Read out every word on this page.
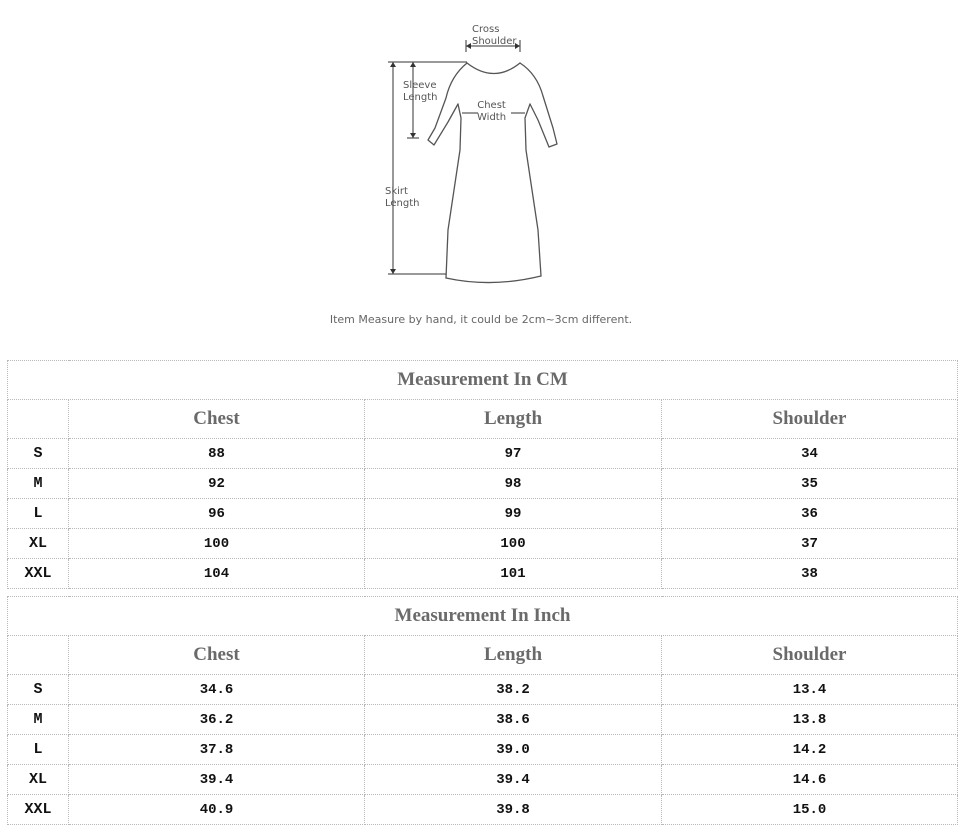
Cross
Shoulder
Sleeve
Length
Chest
Width
Skirt
Length
Item Measure by hand, it could be 2cm~3cm different.
Measurement In CM			
	Chest	Length	Shoulder
S	88	97	34
M	92	98	35
L	96	99	36
XL	100	100	37
XXL	104	101	38
Measurement In Inch			
	Chest	Length	Shoulder
S	34.6	38.2	13.4
M	36.2	38.6	13.8
L	37.8	39.0	14.2
XL	39.4	39.4	14.6
XXL	40.9	39.8	15.0
